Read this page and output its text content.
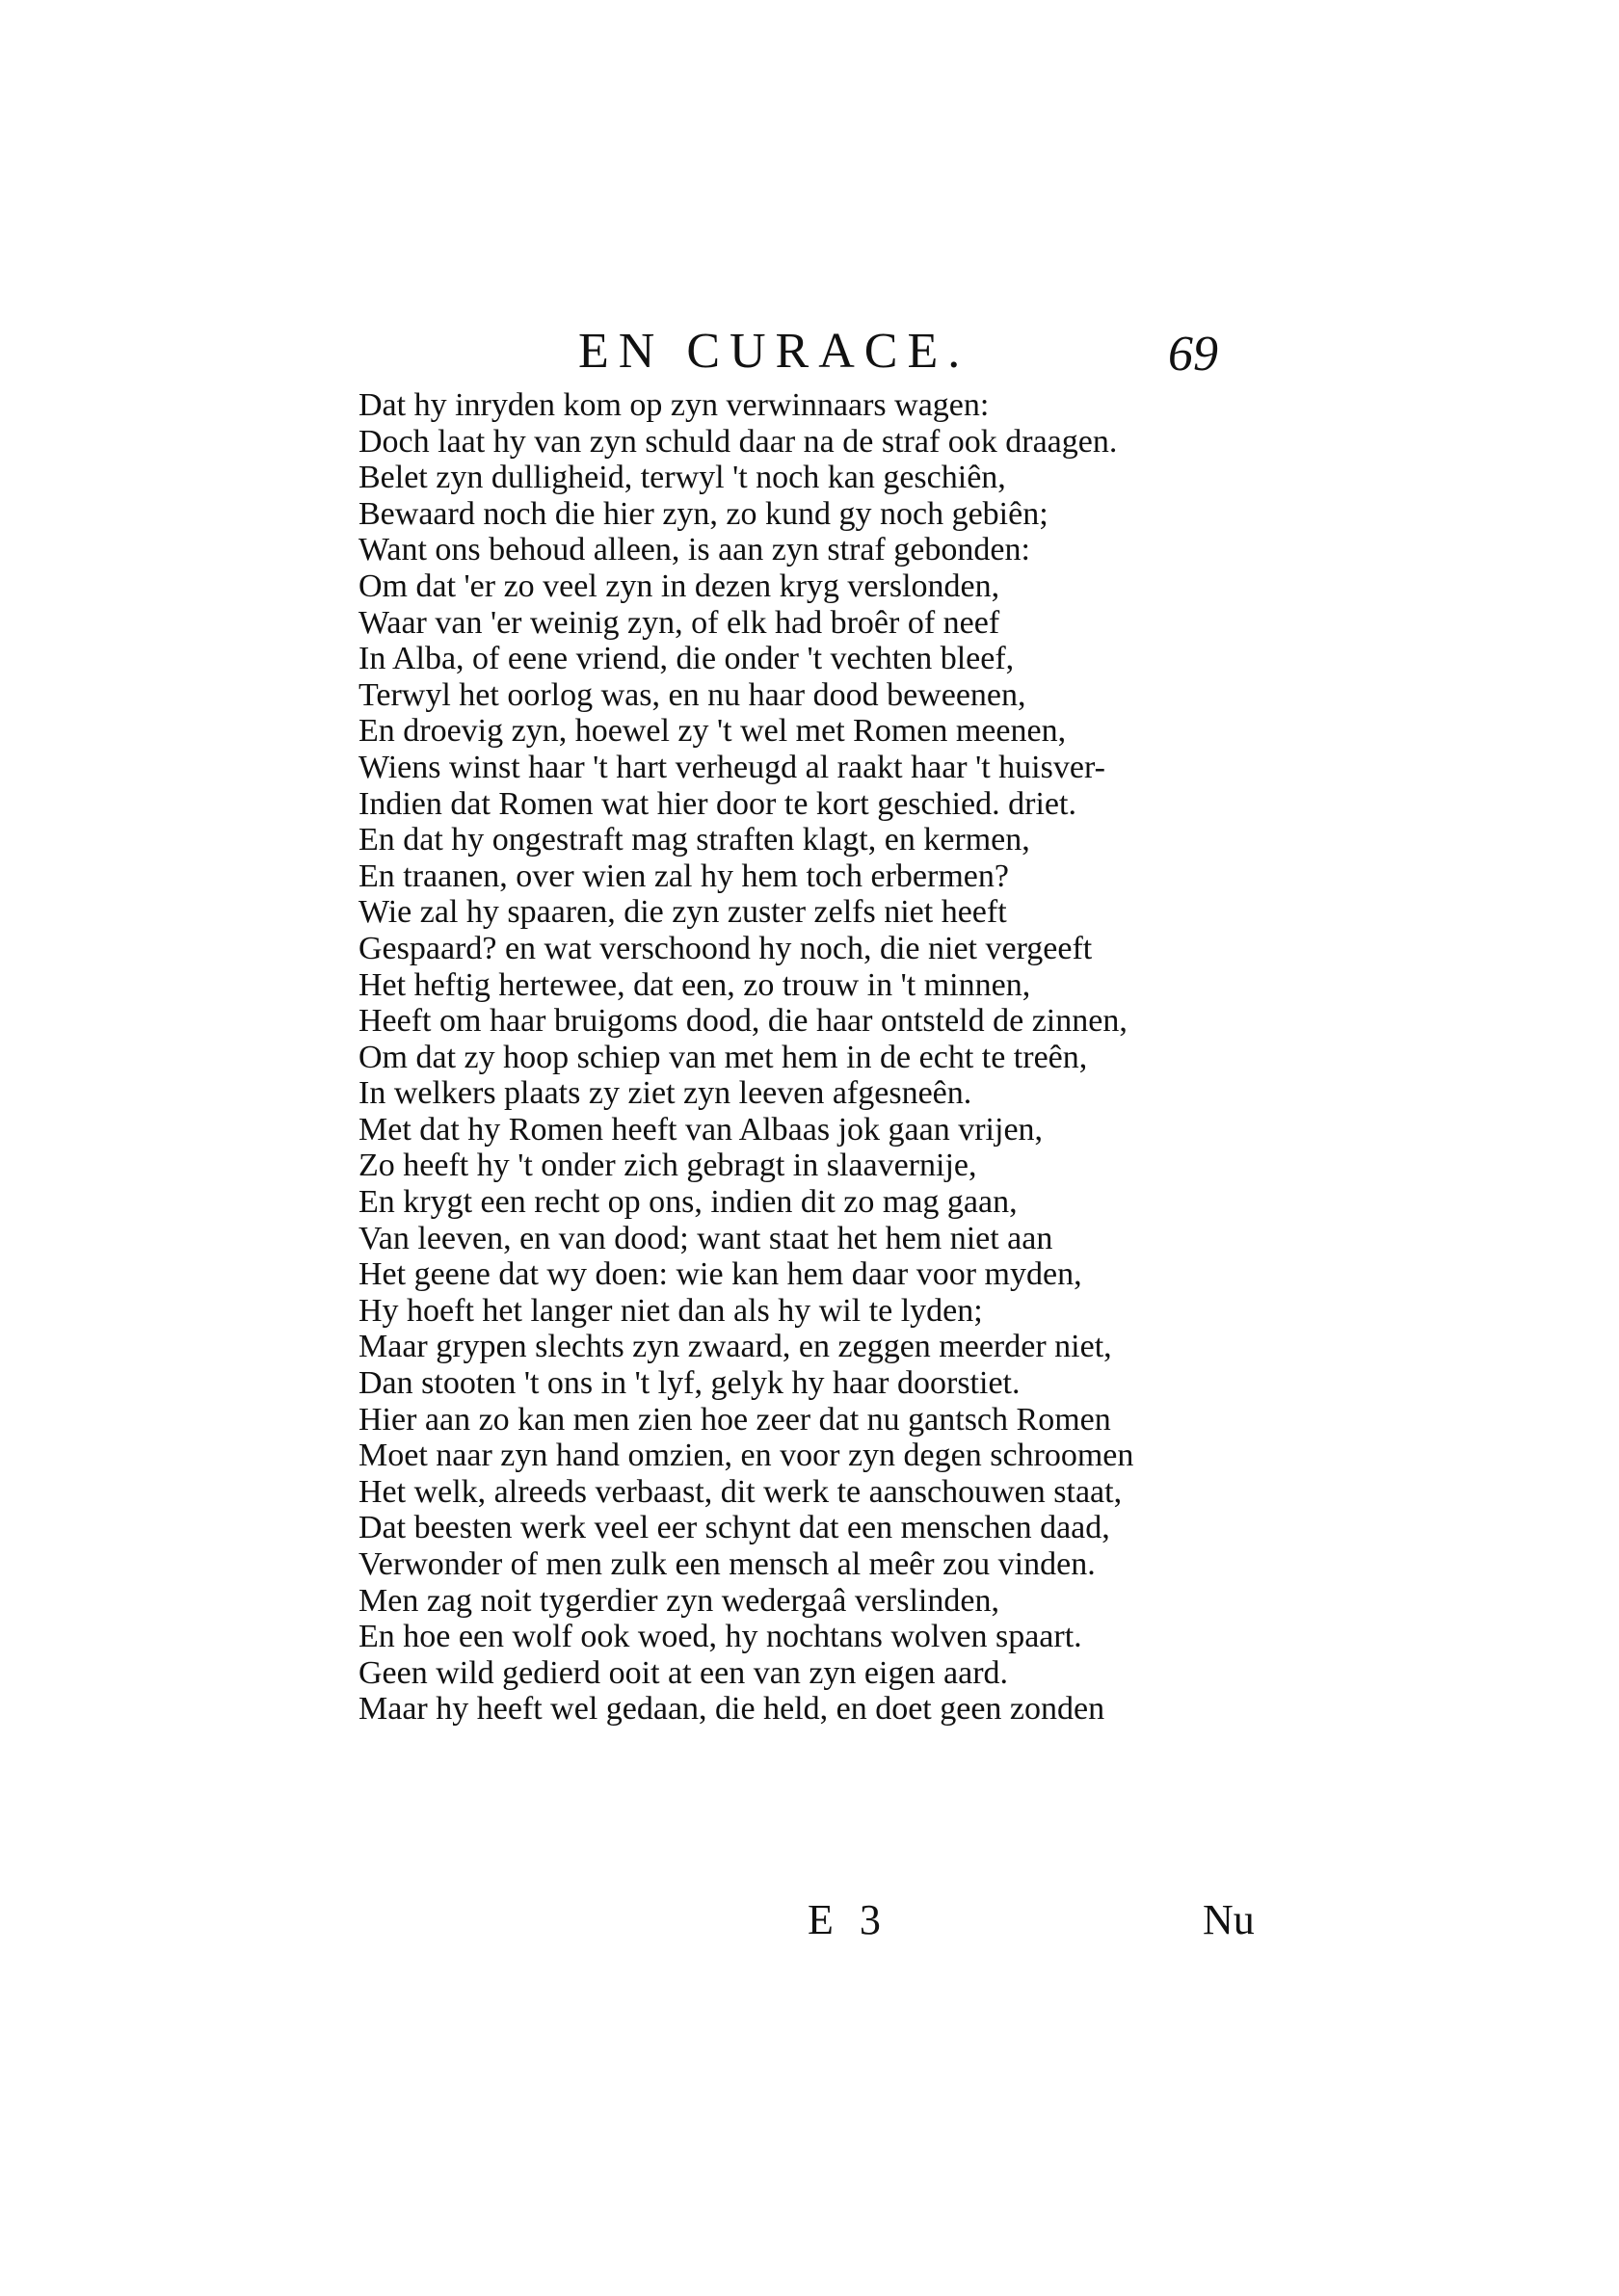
EN CURACE.	69
Dat hy inryden kom op zyn verwinnaars wagen:
Doch laat hy van zyn schuld daar na de straf ook draagen.
Belet zyn dulligheid, terwyl 't noch kan geschiên,
Bewaard noch die hier zyn, zo kund gy noch gebiên;
Want ons behoud alleen, is aan zyn straf gebonden:
Om dat 'er zo veel zyn in dezen kryg verslonden,
Waar van 'er weinig zyn, of elk had broêr of neef
In Alba, of eene vriend, die onder 't vechten bleef,
Terwyl het oorlog was, en nu haar dood beweenen,
En droevig zyn, hoewel zy 't wel met Romen meenen,
Wiens winst haar 't hart verheugd al raakt haar 't huisver-
Indien dat Romen wat hier door te kort geschied. driet.
En dat hy ongestraft mag straften klagt, en kermen,
En traanen, over wien zal hy hem toch erbermen?
Wie zal hy spaaren, die zyn zuster zelfs niet heeft
Gespaard? en wat verschoond hy noch, die niet vergeeft
Het heftig hertewee, dat een, zo trouw in 't minnen,
Heeft om haar bruigoms dood, die haar ontsteld de zinnen,
Om dat zy hoop schiep van met hem in de echt te treên,
In welkers plaats zy ziet zyn leeven afgesneên.
Met dat hy Romen heeft van Albaas jok gaan vrijen,
Zo heeft hy 't onder zich gebragt in slaavernije,
En krygt een recht op ons, indien dit zo mag gaan,
Van leeven, en van dood; want staat het hem niet aan
Het geene dat wy doen: wie kan hem daar voor myden,
Hy hoeft het langer niet dan als hy wil te lyden;
Maar grypen slechts zyn zwaard, en zeggen meerder niet,
Dan stooten 't ons in 't lyf, gelyk hy haar doorstiet.
Hier aan zo kan men zien hoe zeer dat nu gantsch Romen
Moet naar zyn hand omzien, en voor zyn degen schroomen
Het welk, alreeds verbaast, dit werk te aanschouwen staat,
Dat beesten werk veel eer schynt dat een menschen daad,
Verwonder of men zulk een mensch al meêr zou vinden.
Men zag noit tygerdier zyn wedergaâ verslinden,
En hoe een wolf ook woed, hy nochtans wolven spaart.
Geen wild gedierd ooit at een van zyn eigen aard.
Maar hy heeft wel gedaan, die held, en doet geen zonden
E 3	Nu
